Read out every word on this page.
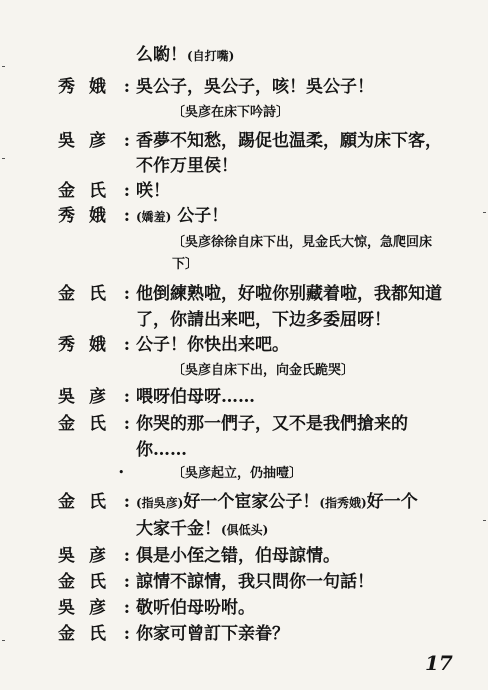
么喲！(自打嘴)
秀娥 : 吳公子，吳公子，咳！吳公子！
〔吳彦在床下吟詩〕
吳彦 : 香夢不知愁，踢促也温柔，願为床下客，
不作万里侯！
金氏 : 咲！
秀娥 : (嬌羞) 公子！
〔吳彦徐徐自床下出，見金氏大惊，急爬回床
下〕
金氏 : 他倒練熟啦，好啦你别藏着啦，我都知道
了，你請出来吧，下边多委屈呀！
秀娥 : 公子！你快出来吧。
〔吳彦自床下出，向金氏跪哭〕
吳彦 : 喂呀伯母呀……
金氏 : 你哭的那一們子，又不是我們搶来的
你……
•	〔吳彦起立，仍抽噎〕
金氏 : (指吳彦)好一个宦家公子！(指秀娥)好一个
大家千金！(俱低头)
吳彦 : 俱是小侄之错，伯母諒情。
金氏 : 諒情不諒情，我只問你一句話！
吳彦 : 敬听伯母吩咐。
金氏 : 你家可曾訂下亲眷？
17
